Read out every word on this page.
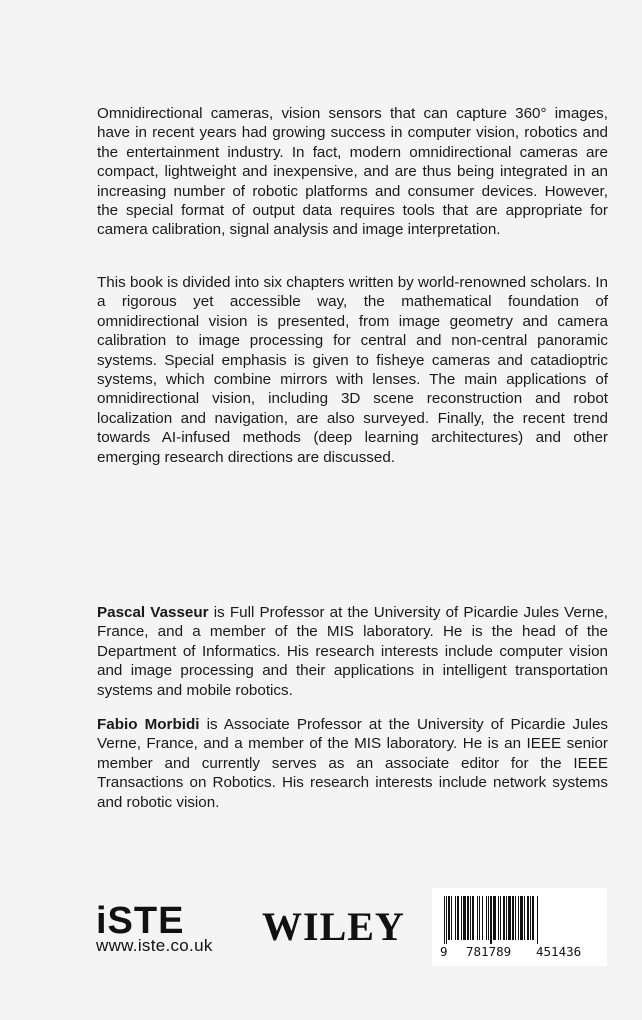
Omnidirectional cameras, vision sensors that can capture 360° images, have in recent years had growing success in computer vision, robotics and the entertainment industry. In fact, modern omnidirectional cameras are compact, lightweight and inexpensive, and are thus being integrated in an increasing number of robotic platforms and consumer devices. However, the special format of output data requires tools that are appropriate for camera calibration, signal analysis and image interpretation.

This book is divided into six chapters written by world-renowned scholars. In a rigorous yet accessible way, the mathematical foundation of omnidirectional vision is presented, from image geometry and camera calibration to image processing for central and non-central panoramic systems. Special emphasis is given to fisheye cameras and catadioptric systems, which combine mirrors with lenses. The main applications of omnidirectional vision, including 3D scene reconstruction and robot localization and navigation, are also surveyed. Finally, the recent trend towards AI-infused methods (deep learning architectures) and other emerging research directions are discussed.

Pascal Vasseur is Full Professor at the University of Picardie Jules Verne, France, and a member of the MIS laboratory. He is the head of the Department of Informatics. His research interests include computer vision and image processing and their applications in intelligent transportation systems and mobile robotics.

Fabio Morbidi is Associate Professor at the University of Picardie Jules Verne, France, and a member of the MIS laboratory. He is an IEEE senior member and currently serves as an associate editor for the IEEE Transactions on Robotics. His research interests include network systems and robotic vision.

iSTE
www.iste.co.uk WILEY
9 781789 451436
